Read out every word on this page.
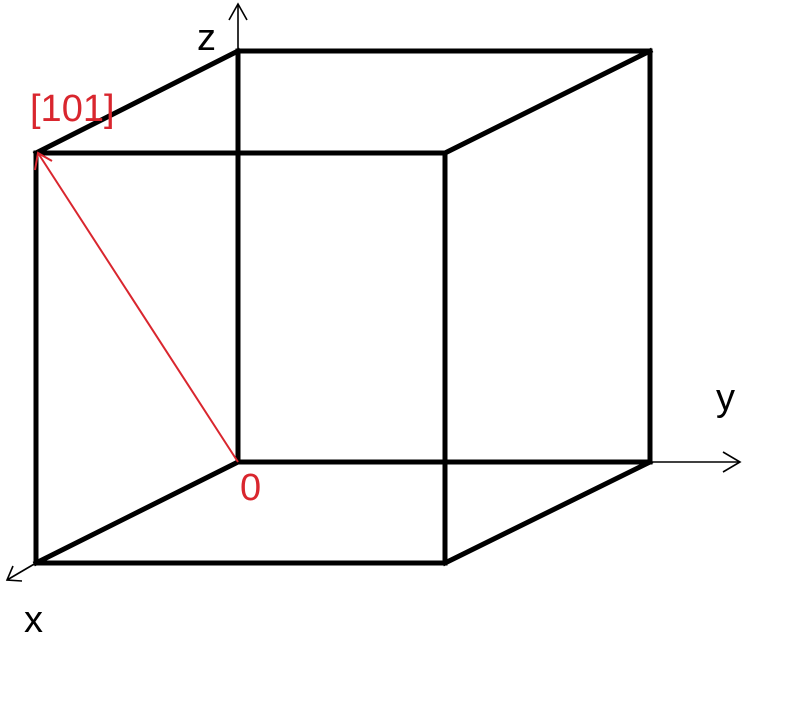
z
y
x
0
[101]
